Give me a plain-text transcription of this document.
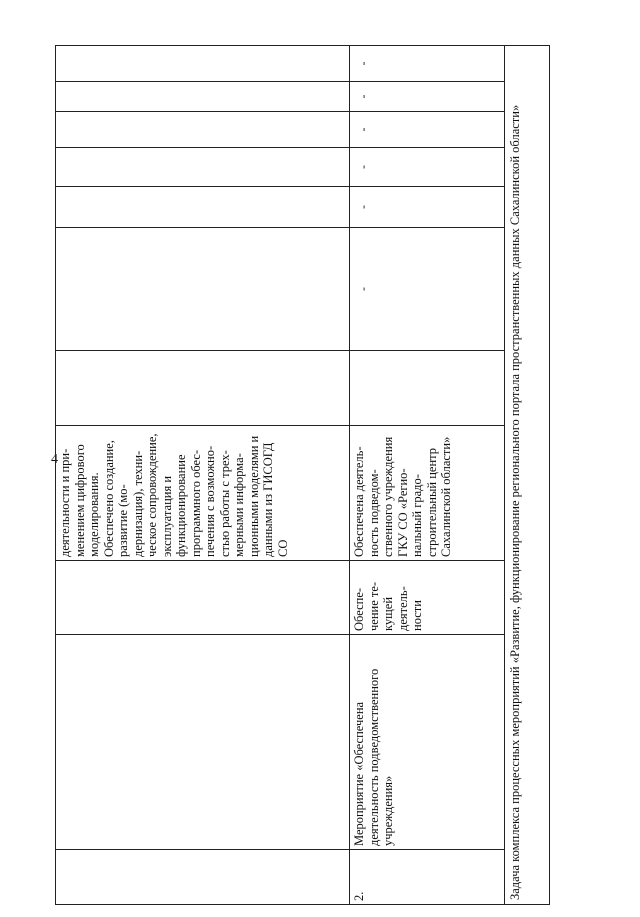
4 деятельности и применением цифрового моделирования. Обеспечено создание, развитие (модернизация), техническое сопровождение, эксплуатация и функционирование программного обеспечения с возможностью работы с трехмерными информационными моделями и данными из ГИСОГД СО
2.
Мероприятие «Обеспечена деятельность подведомственного учреждения»
Обеспечение текущей деятельности
Обеспечена деятельность подведомственного учреждения ГКУ СО «Региональный градостроительный центр Сахалинской области»
-
-
-
-
-
-
Задача комплекса процессных мероприятий «Развитие, функционирование регионального портала пространственных данных Сахалинской области»
